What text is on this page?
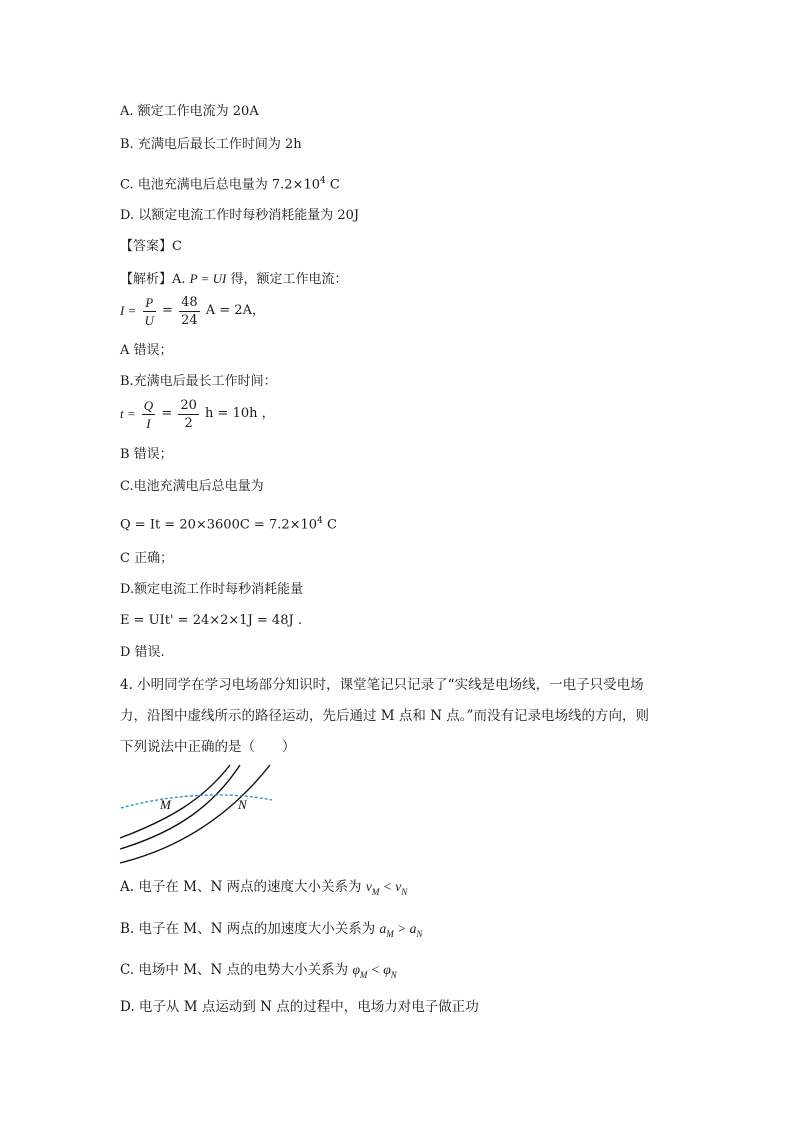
A. 额定工作电流为 20A
B. 充满电后最长工作时间为 2h
C. 电池充满电后总电量为 $7.2\times 10^4$ C
D. 以额定电流工作时每秒消耗能量为 20J
【答案】C
【解析】A. P = UI 得，额定工作电流：
$I = \frac{P}{U} = \frac{48}{24}$ A = 2A，
A 错误；
B.充满电后最长工作时间：
$t = \frac{Q}{I} = \frac{20}{2}$ h = 10h ，
B 错误；
C.电池充满电后总电量为
$Q = It = 20\times 3600C = 7.2\times 10^4$ C
C 正确；
D.额定电流工作时每秒消耗能量
E = UIt' = 24×2×1J = 48J .
D 错误.
4. 小明同学在学习电场部分知识时，课堂笔记只记录了“实线是电场线，一电子只受电场
力，沿图中虚线所示的路径运动，先后通过 M 点和 N 点。”而没有记录电场线的方向，则
下列说法中正确的是（　　）
M	N
A. 电子在 M、N 两点的速度大小关系为 $v_M < v_N$
B. 电子在 M、N 两点的加速度大小关系为 $a_M > a_N$
C. 电场中 M、N 点的电势大小关系为 $\varphi_M < \varphi_N$
D. 电子从 M 点运动到 N 点的过程中，电场力对电子做正功
